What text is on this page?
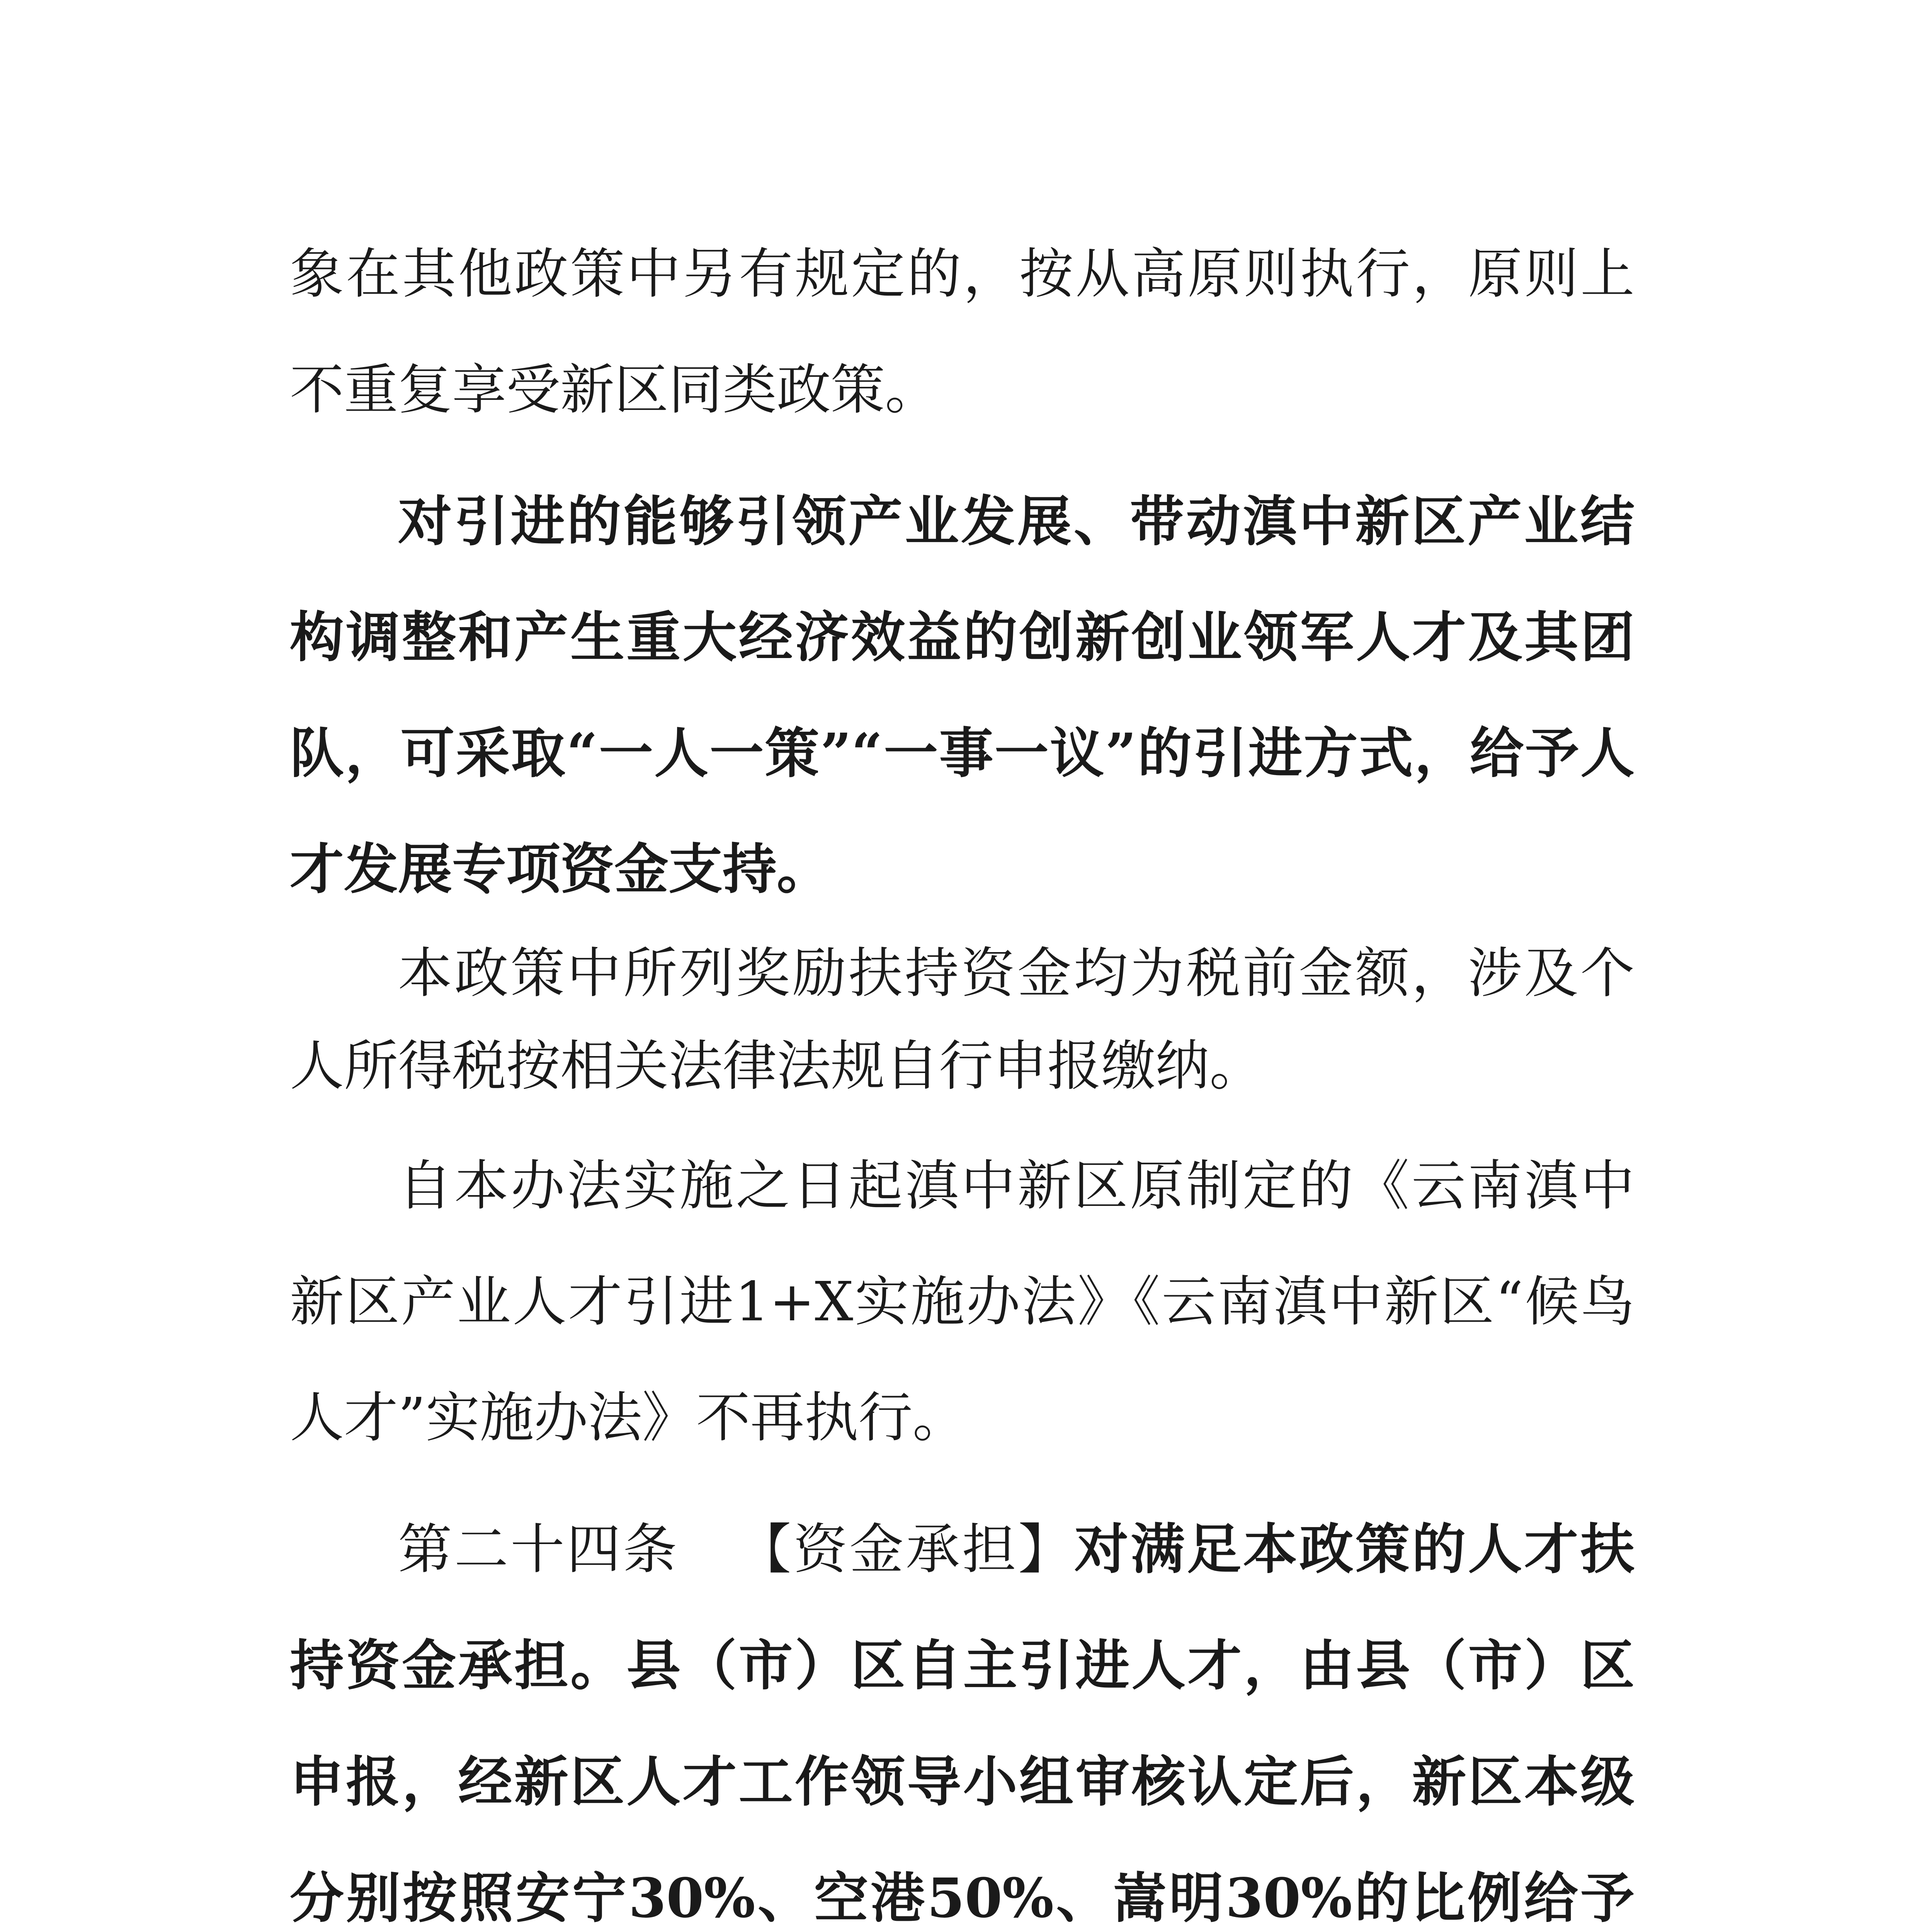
象在其他政策中另有规定的，按从高原则执行，原则上不重复享受新区同类政策。

对引进的能够引领产业发展、带动滇中新区产业结构调整和产生重大经济效益的创新创业领军人才及其团队，可采取“一人一策”“一事一议”的引进方式，给予人才发展专项资金支持。

本政策中所列奖励扶持资金均为税前金额，涉及个人所得税按相关法律法规自行申报缴纳。

自本办法实施之日起滇中新区原制定的《云南滇中新区产业人才引进1+X实施办法》《云南滇中新区“候鸟人才”实施办法》不再执行。

第二十四条 【资金承担】对满足本政策的人才扶持资金承担。县（市）区自主引进人才，由县（市）区申报，经新区人才工作领导小组审核认定后，新区本级分别按照安宁30%、空港50%、嵩明30%的比例给予
